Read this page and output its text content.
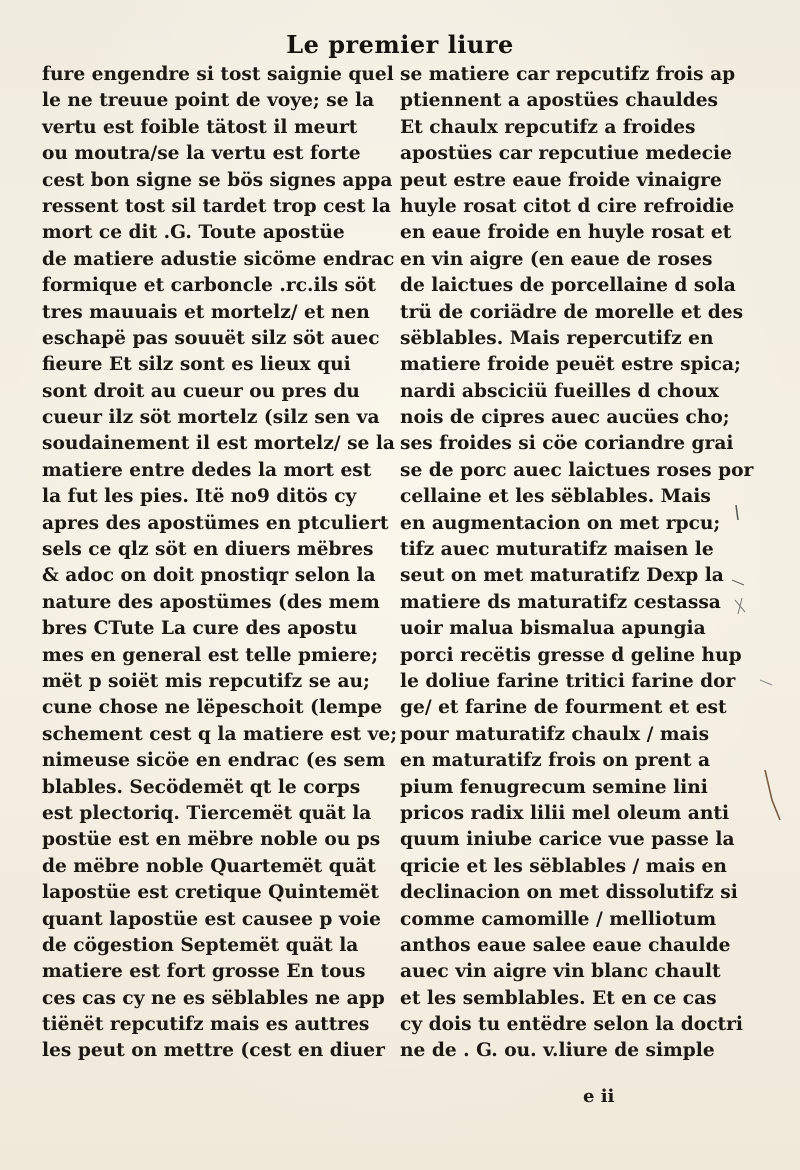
Le premier liure
fure engendre si tost saignie quel
le ne treuue point de voye; se la
vertu est foible tätost il meurt
ou moutra/se la vertu est forte
cest bon signe se bös signes appa
ressent tost sil tardet trop cest la
mort ce dit .G. Toute apostüe
de matiere adustie sicöme endrac
formique et carboncle .rc.ils söt
tres mauuais et mortelz/ et nen
eschapë pas souuët silz söt auec
fieure Et silz sont es lieux qui
sont droit au cueur ou pres du
cueur ilz söt mortelz (silz sen va
soudainement il est mortelz/ se la
matiere entre dedes la mort est
la fut les pies. Itë no9 ditös cy
apres des apostümes en ptculiert
sels ce qlz söt en diuers mëbres
& adoc on doit pnostiqr selon la
nature des apostümes (des mem
bres CTute La cure des apostu
mes en general est telle pmiere;
mët p soiët mis repcutifz se au;
cune chose ne lëpeschoit (lempe
schement cest q la matiere est ve;
nimeuse sicöe en endrac (es sem
blables. Secödemët qt le corps
est plectoriq. Tiercemët quät la
postüe est en mëbre noble ou ps
de mëbre noble Quartemët quät
lapostüe est cretique Quintemët
quant lapostüe est causee p voie
de cögestion Septemët quät la
matiere est fort grosse En tous
ces cas cy ne es sëblables ne app
tiënët repcutifz mais es auttres
les peut on mettre (cest en diuer
se matiere car repcutifz frois ap
ptiennent a apostües chauldes
Et chaulx repcutifz a froides
apostües car repcutiue medecie
peut estre eaue froide vinaigre
huyle rosat citot d cire refroidie
en eaue froide en huyle rosat et
en vin aigre (en eaue de roses
de laictues de porcellaine d sola
trü de coriädre de morelle et des
sëblables. Mais repercutifz en
matiere froide peuët estre spica;
nardi absciciü fueilles d choux
nois de cipres auec aucües cho;
ses froides si cöe coriandre grai
se de porc auec laictues roses por
cellaine et les sëblables. Mais
en augmentacion on met rpcu;
tifz auec muturatifz maisen le
seut on met maturatifz Dexp la
matiere ds maturatifz cestassa
uoir malua bismalua apungia
porci recëtis gresse d geline hup
le doliue farine tritici farine dor
ge/ et farine de fourment et est
pour maturatifz chaulx / mais
en maturatifz frois on prent a
pium fenugrecum semine lini
pricos radix lilii mel oleum anti
quum iniube carice vue passe la
qricie et les sëblables / mais en
declinacion on met dissolutifz si
comme camomille / melliotum
anthos eaue salee eaue chaulde
auec vin aigre vin blanc chault
et les semblables. Et en ce cas
cy dois tu entëdre selon la doctri
ne de . G. ou. v.liure de simple
e ii
